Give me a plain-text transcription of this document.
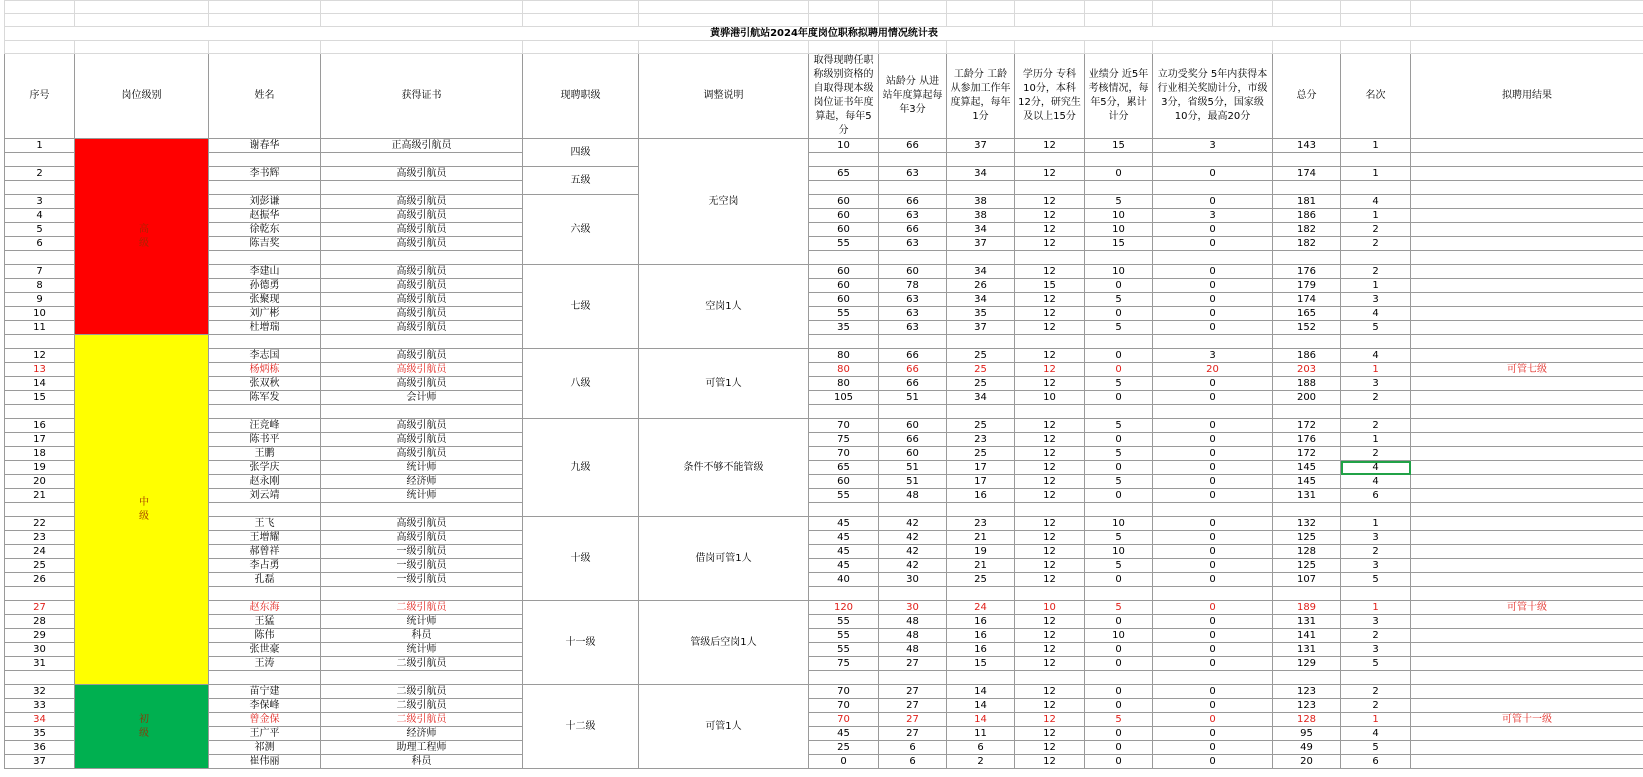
黄骅港引航站2024年度岗位职称拟聘用情况统计表														

序号	岗位级别	姓名	获得证书	现聘职级	调整说明	取得现聘任职称级别资格的自取得现本级岗位证书年度算起，每年5分	站龄分 从进站年度算起每年3分	工龄分 工龄从参加工作年度算起，每年1分	学历分 专科10分，本科12分，研究生及以上15分	业绩分 近5年考核情况，每年5分，累计计分	立功受奖分 5年内获得本行业相关奖励计分，市级3分，省级5分，国家级10分，最高20分	总分	名次	拟聘用结果
1	高级	谢春华	正高级引航员	四级	无空岗	10	66	37	12	15	3	143	1	

2		李书辉	高级引航员	五级		65	63	34	12	0	0	174	1	

3		刘彭谦	高级引航员	六级		60	66	38	12	5	0	181	4	
4		赵振华	高级引航员			60	63	38	12	10	3	186	1	
5		徐乾东	高级引航员			60	66	34	12	10	0	182	2	
6		陈吉奖	高级引航员			55	63	37	12	15	0	182	2	

7		李建山	高级引航员	七级	空岗1人	60	60	34	12	10	0	176	2	
8		孙德勇	高级引航员			60	78	26	15	0	0	179	1	
9		张聚现	高级引航员			60	63	34	12	5	0	174	3	
10		刘广彬	高级引航员			55	63	35	12	0	0	165	4	
11		杜增瑞	高级引航员			35	63	37	12	5	0	152	5	

	中级													

12		李志国	高级引航员	八级	可管1人	80	66	25	12	0	3	186	4	
13		杨炳栋	高级引航员			80	66	25	12	0	20	203	1	可管七级
14		张双秋	高级引航员			80	66	25	12	5	0	188	3	
15		陈军发	会计师			105	51	34	10	0	0	200	2	

16		汪竞峰	高级引航员	九级	条件不够不能管级	70	60	25	12	5	0	172	2	
17		陈书平	高级引航员			75	66	23	12	0	0	176	1	
18		王鹏	高级引航员			70	60	25	12	5	0	172	2	
19		张学庆	统计师			65	51	17	12	0	0	145	4	
20		赵永刚	经济师			60	51	17	12	5	0	145	4	
21		刘云靖	统计师			55	48	16	12	0	0	131	6	

22		王飞	高级引航员	十级	借岗可管1人	45	42	23	12	10	0	132	1	
23		王增耀	高级引航员			45	42	21	12	5	0	125	3	
24		郝曾祥	一级引航员			45	42	19	12	10	0	128	2	
25		李占勇	一级引航员			45	42	21	12	5	0	125	3	
26		孔磊	一级引航员			40	30	25	12	0	0	107	5	

27		赵东海	二级引航员	十一级	管级后空岗1人	120	30	24	10	5	0	189	1	可管十级
28		王猛	统计师			55	48	16	12	0	0	131	3	
29		陈伟	科员			55	48	16	12	10	0	141	2	
30		张世豪	统计师			55	48	16	12	0	0	131	3	
31		王涛	二级引航员			75	27	15	12	0	0	129	5	

32	初级	苗宁建	二级引航员	十二级	可管1人	70	27	14	12	0	0	123	2	
33		李保峰	二级引航员			70	27	14	12	0	0	123	2	
34		曾金保	二级引航员			70	27	14	12	5	0	128	1	可管十一级
35		王广平	经济师			45	27	11	12	0	0	95	4	
36		祁测	助理工程师			25	6	6	12	0	0	49	5	
37		崔伟丽	科员			0	6	2	12	0	0	20	6	
